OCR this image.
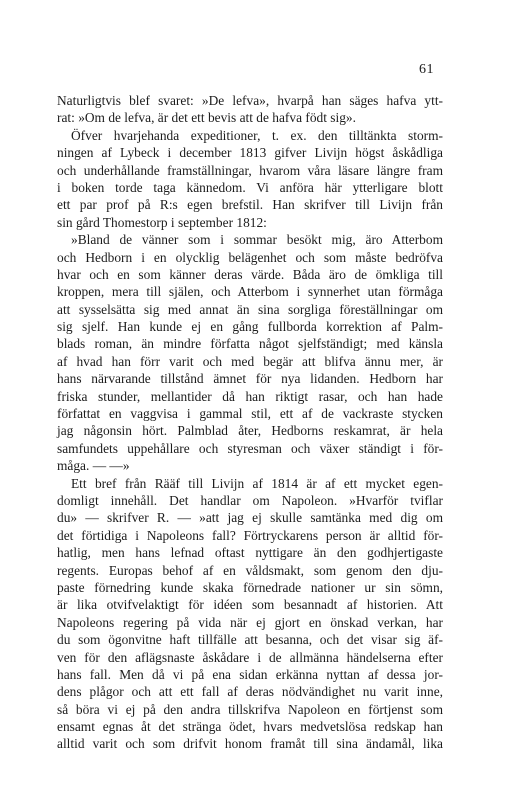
61
Naturligtvis blef svaret: »De lefva», hvarpå han säges hafva ytt-
rat: »Om de lefva, är det ett bevis att de hafva födt sig».
Öfver hvarjehanda expeditioner, t. ex. den tilltänkta storm-
ningen af Lybeck i december 1813 gifver Livijn högst åskådliga
och underhållande framställningar, hvarom våra läsare längre fram
i boken torde taga kännedom. Vi anföra här ytterligare blott
ett par prof på R:s egen brefstil. Han skrifver till Livijn från
sin gård Thomestorp i september 1812:
»Bland de vänner som i sommar besökt mig, äro Atterbom
och Hedborn i en olycklig belägenhet och som måste bedröfva
hvar och en som känner deras värde. Båda äro de ömkliga till
kroppen, mera till själen, och Atterbom i synnerhet utan förmåga
att sysselsätta sig med annat än sina sorgliga föreställningar om
sig sjelf. Han kunde ej en gång fullborda korrektion af Palm-
blads roman, än mindre författa något sjelfständigt; med känsla
af hvad han förr varit och med begär att blifva ännu mer, är
hans närvarande tillstånd ämnet för nya lidanden. Hedborn har
friska stunder, mellantider då han riktigt rasar, och han hade
författat en vaggvisa i gammal stil, ett af de vackraste stycken
jag någonsin hört. Palmblad åter, Hedborns reskamrat, är hela
samfundets uppehållare och styresman och växer ständigt i för-
måga. — —»
Ett bref från Rääf till Livijn af 1814 är af ett mycket egen-
domligt innehåll. Det handlar om Napoleon. »Hvarför tviflar
du» — skrifver R. — »att jag ej skulle samtänka med dig om
det förtidiga i Napoleons fall? Förtryckarens person är alltid för-
hatlig, men hans lefnad oftast nyttigare än den godhjertigaste
regents. Europas behof af en våldsmakt, som genom den dju-
paste förnedring kunde skaka förnedrade nationer ur sin sömn,
är lika otvifvelaktigt för idéen som besannadt af historien. Att
Napoleons regering på vida när ej gjort en önskad verkan, har
du som ögonvitne haft tillfälle att besanna, och det visar sig äf-
ven för den aflägsnaste åskådare i de allmänna händelserna efter
hans fall. Men då vi på ena sidan erkänna nyttan af dessa jor-
dens plågor och att ett fall af deras nödvändighet nu varit inne,
så böra vi ej på den andra tillskrifva Napoleon en förtjenst som
ensamt egnas åt det stränga ödet, hvars medvetslösa redskap han
alltid varit och som drifvit honom framåt till sina ändamål, lika
